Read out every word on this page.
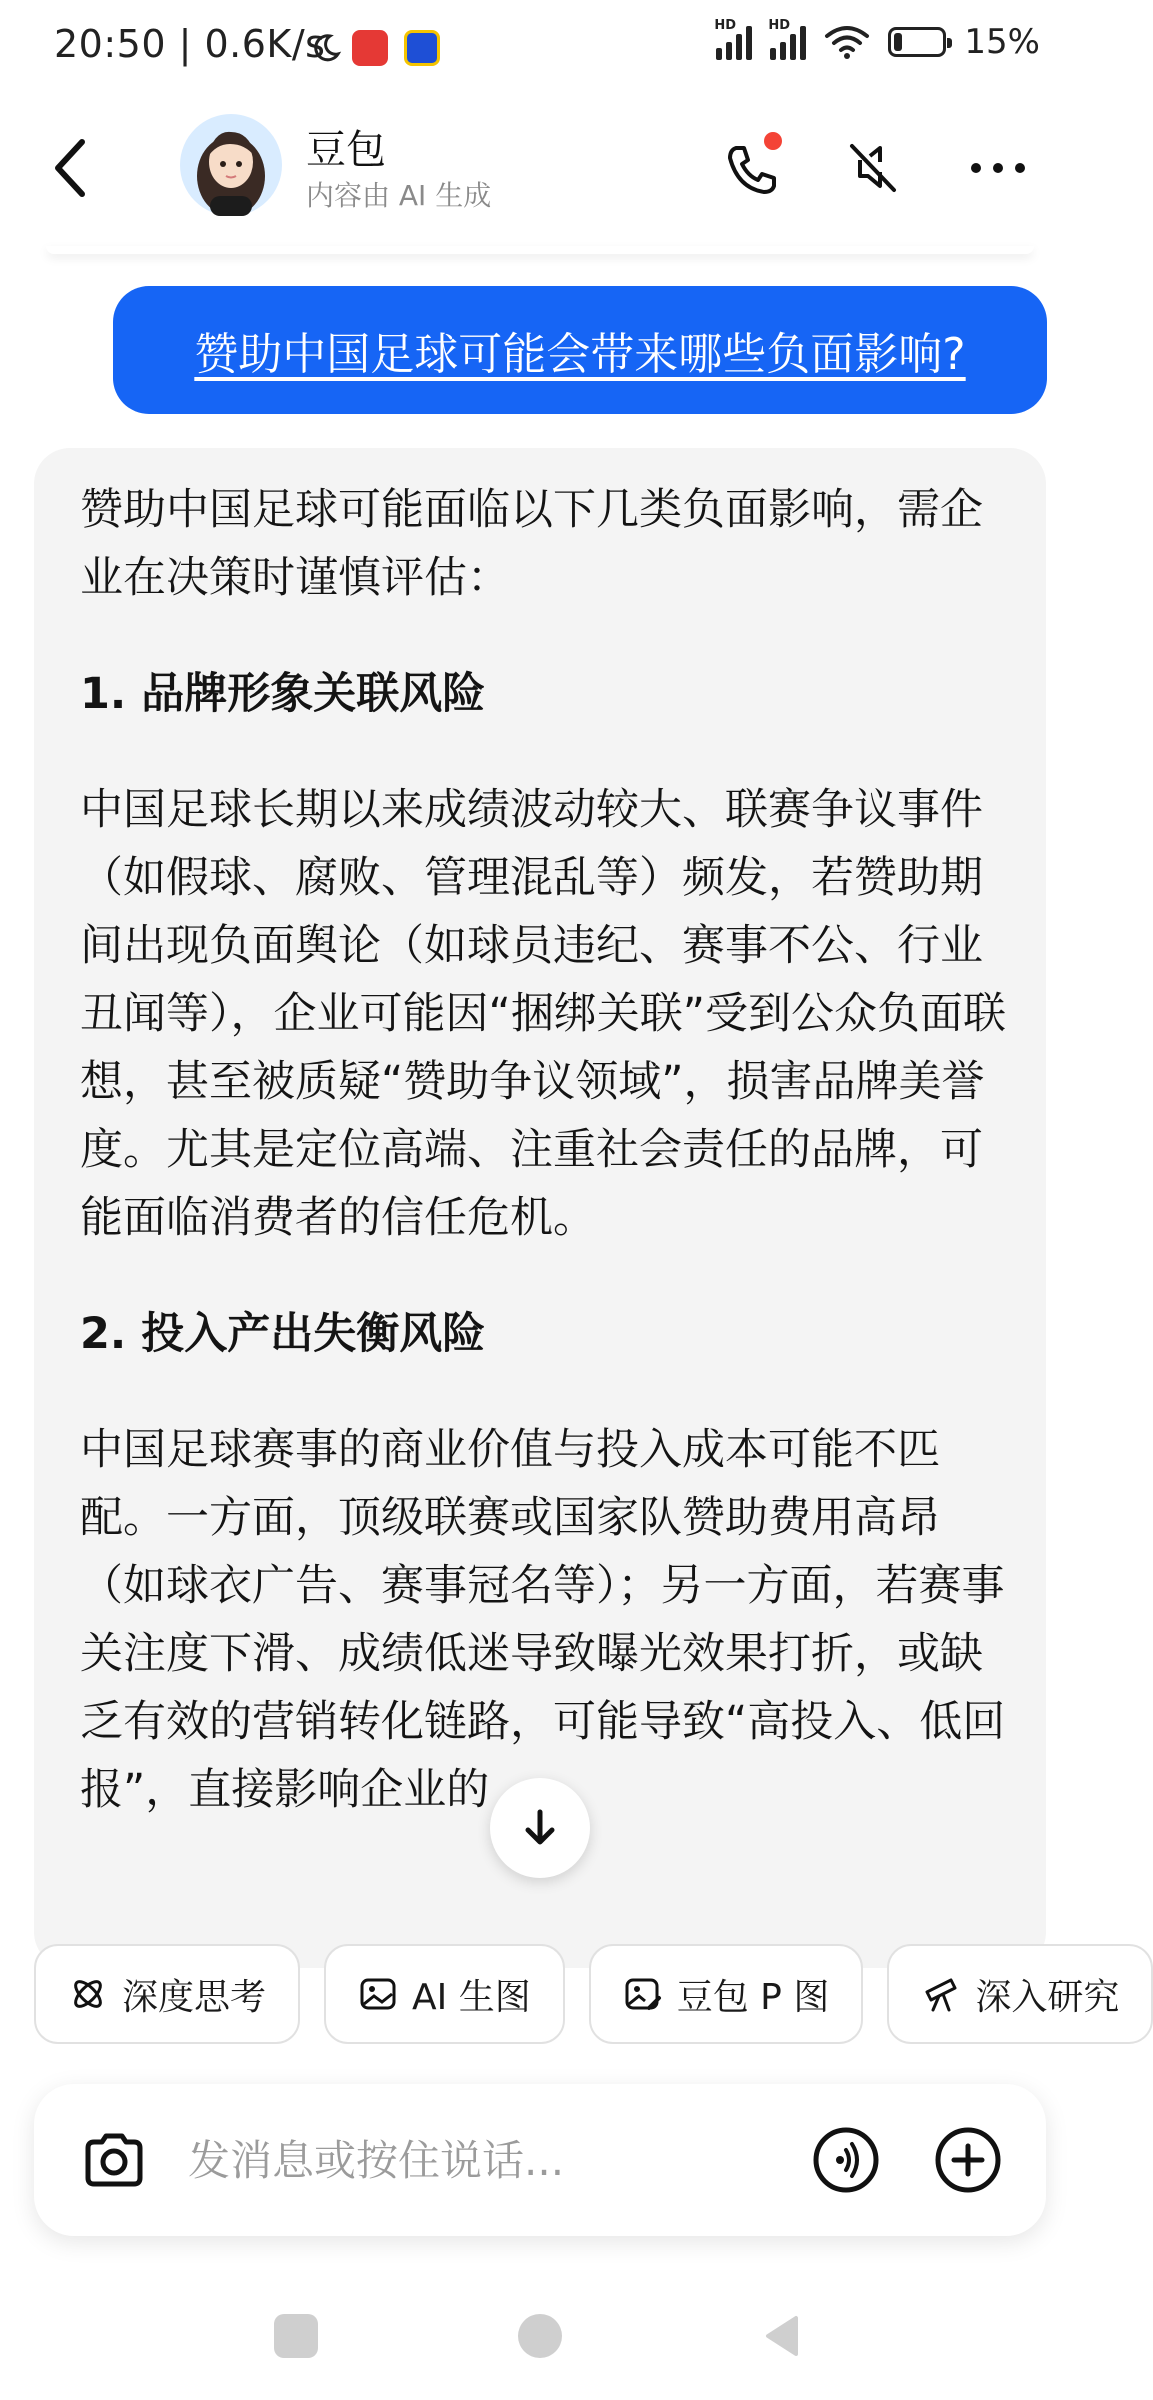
20:50 | 0.6K/s	HD HD	15%
豆包
内容由 AI 生成
赞助中国足球可能会带来哪些负面影响?

赞助中国足球可能面临以下几类负面影响，需企业在决策时谨慎评估：

1. 品牌形象关联风险

中国足球长期以来成绩波动较大、联赛争议事件（如假球、腐败、管理混乱等）频发，若赞助期间出现负面舆论（如球员违纪、赛事不公、行业丑闻等），企业可能因“捆绑关联”受到公众负面联想，甚至被质疑“赞助争议领域”，损害品牌美誉度。尤其是定位高端、注重社会责任的品牌，可能面临消费者的信任危机。

2. 投入产出失衡风险

中国足球赛事的商业价值与投入成本可能不匹配。一方面，顶级联赛或国家队赞助费用高昂（如球衣广告、赛事冠名等）；另一方面，若赛事关注度下滑、成绩低迷导致曝光效果打折，或缺乏有效的营销转化链路，可能导致“高投入、低回报”，直接影响企业的

深度思考	AI 生图	豆包 P 图	深入研究
发消息或按住说话...
